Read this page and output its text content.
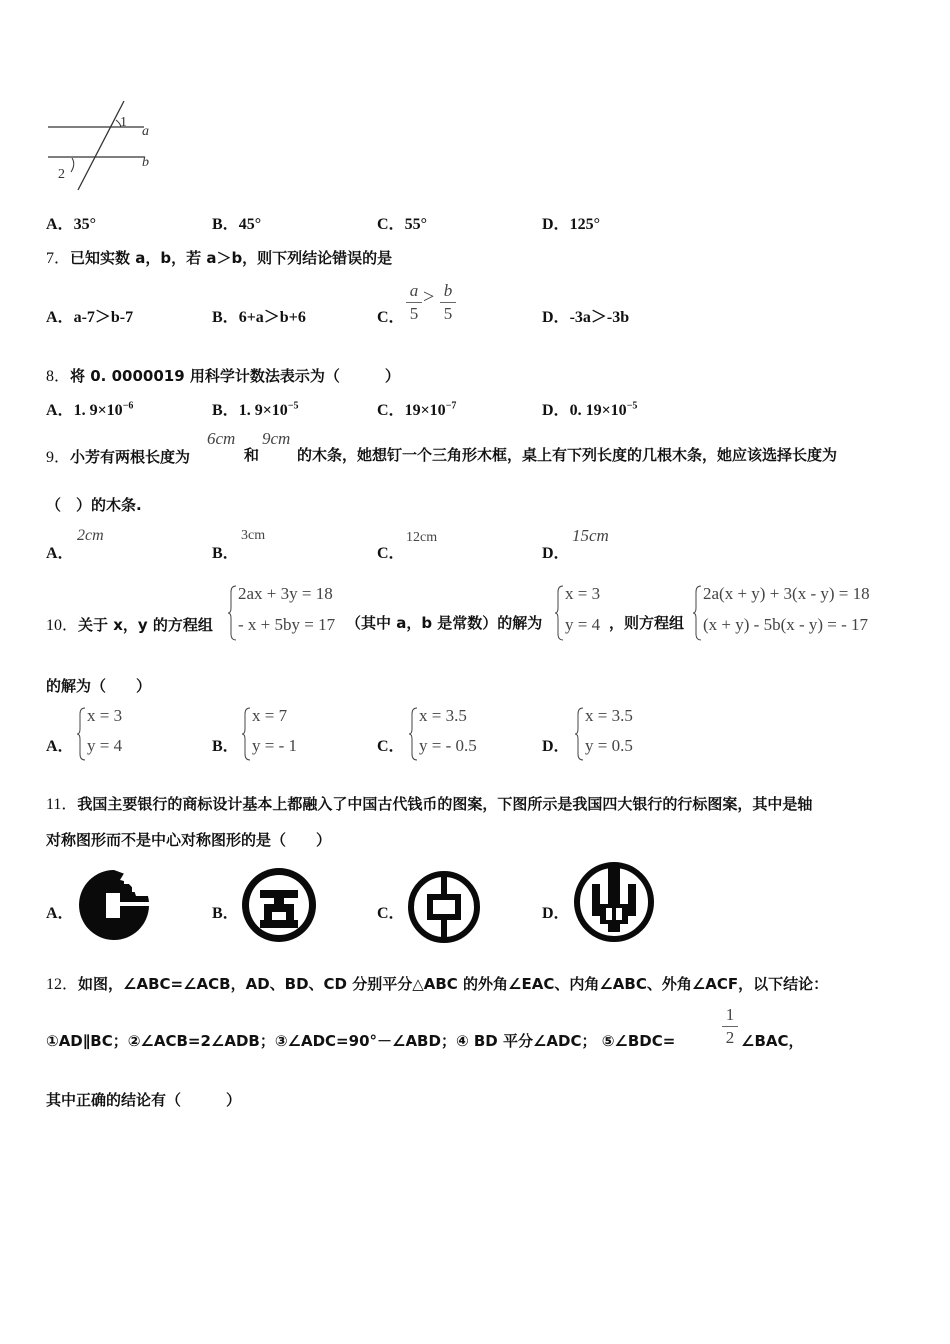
1
2
a
b
A．35°	B．45°	C．55°	D．125°
7．已知实数 a，b，若 a＞b，则下列结论错误的是
A．a-7＞b-7	B．6+a＞b+6	C．
a
5
> b
5	D．-3a＞-3b
8．将 0. 0000019 用科学计数法表示为（　　　）
A．1. $9\times 10^{-6}$	B．1. $9\times 10^{-5}$	C．$19\times 10^{-7}$	D．0. $19\times 10^{-5}$
9．小芳有两根长度为
6cm
和
9cm
的木条，她想钉一个三角形木框，桌上有下列长度的几根木条，她应该选择长度为
（　）的木条.
A．
2cm
B．
3cm
C．
12cm
D．
15cm
10．关于 x，y 的方程组
2ax + 3y = 18
- x + 5by = 17 （其中 a，b 是常数）的解为
x = 3
y = 4 ，则方程组
2a(x + y) + 3(x - y) = 18
(x + y) - 5b(x - y) = - 17
的解为（　　）
A．
x = 3
y = 4	B．
x = 7
y = - 1	C．
x = 3.5
y = - 0.5	D．
x = 3.5
y = 0.5
11．我国主要银行的商标设计基本上都融入了中国古代钱币的图案，下图所示是我国四大银行的行标图案，其中是轴
对称图形而不是中心对称图形的是（　　）
A．	B．	C．	D．
12．如图，∠ABC=∠ACB，AD、BD、CD 分别平分△ABC 的外角∠EAC、内角∠ABC、外角∠ACF，以下结论：
①AD∥BC；②∠ACB=2∠ADB；③∠ADC=90°－∠ABD；④ BD 平分∠ADC； ⑤∠BDC=
1
2 ∠BAC，
其中正确的结论有（　　　）
